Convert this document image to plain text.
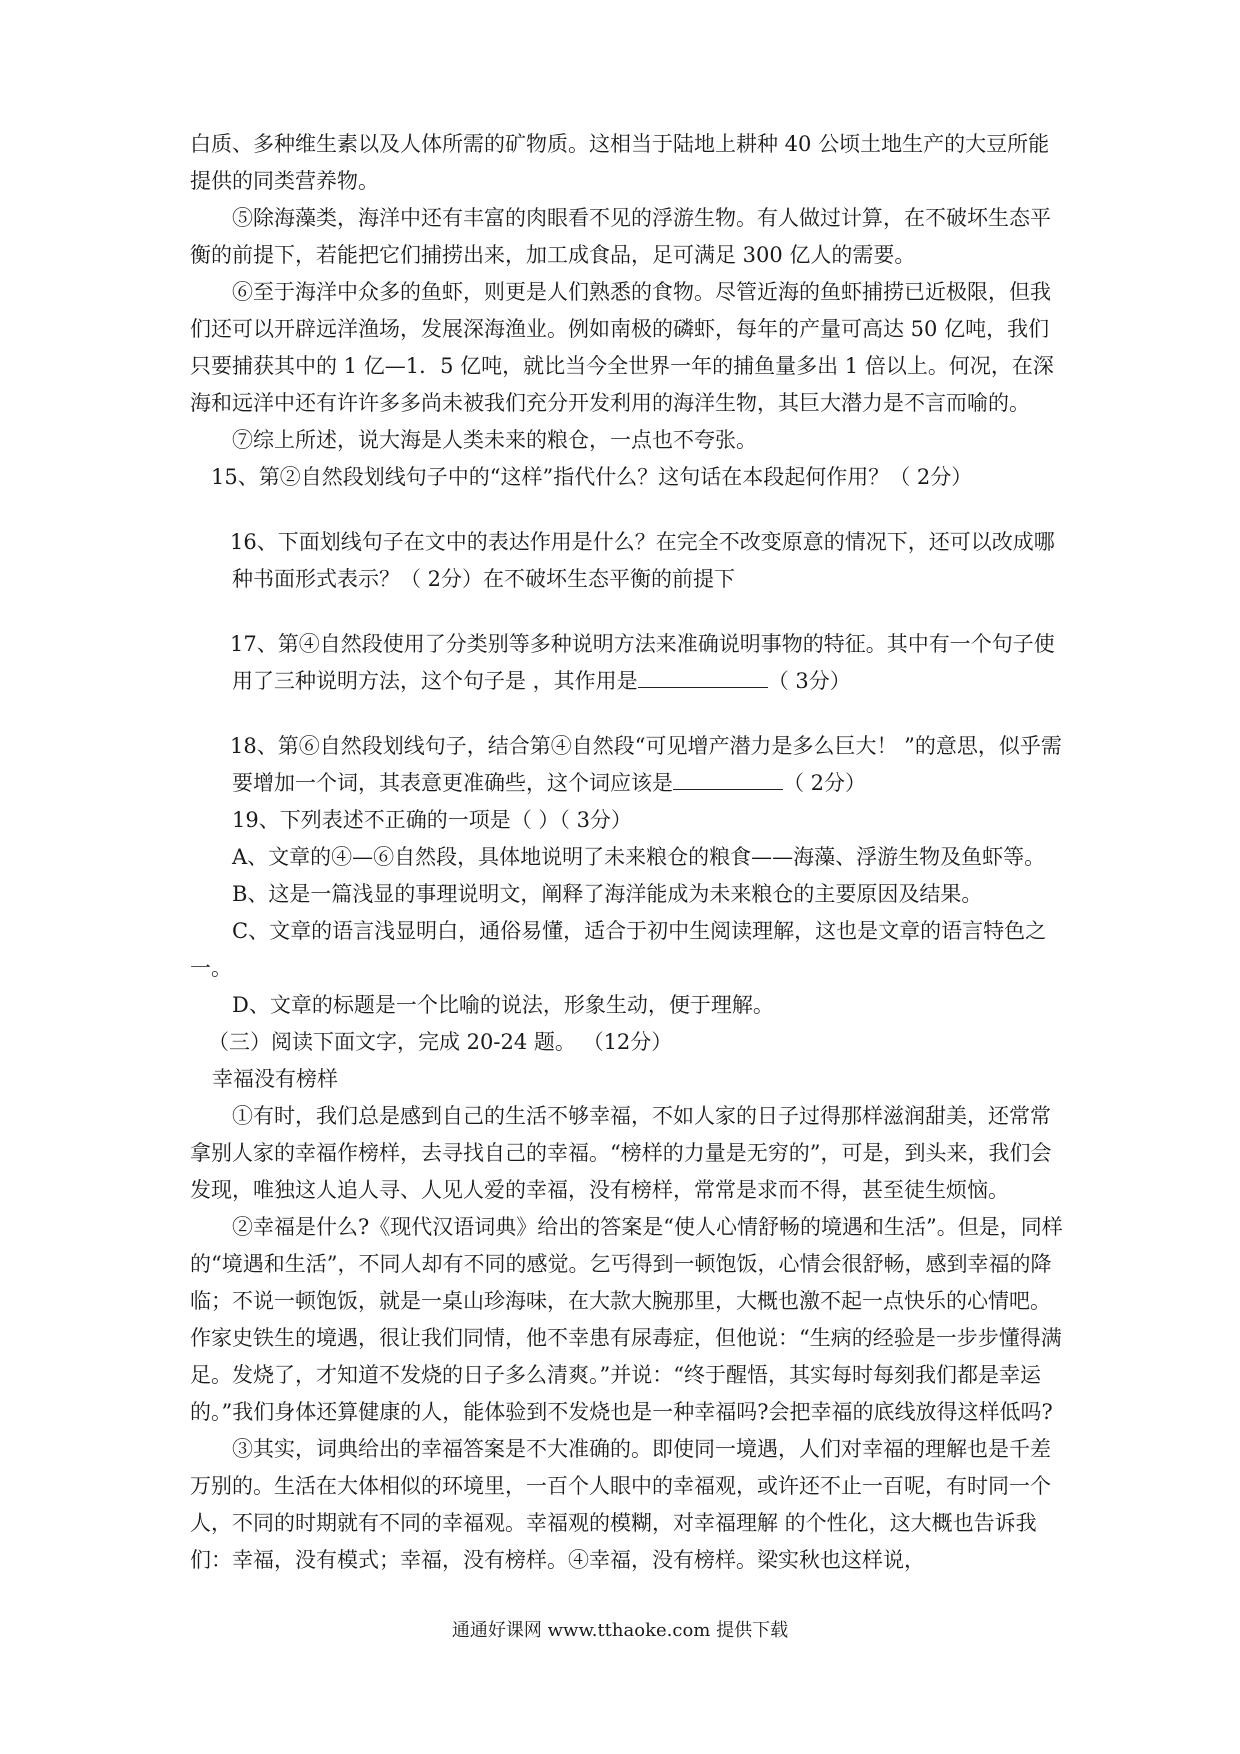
白质、多种维生素以及人体所需的矿物质。这相当于陆地上耕种 40 公顷土地生产的大豆所能提供的同类营养物。

⑤除海藻类，海洋中还有丰富的肉眼看不见的浮游生物。有人做过计算，在不破坏生态平衡的前提下，若能把它们捕捞出来，加工成食品，足可满足 300 亿人的需要。

⑥至于海洋中众多的鱼虾，则更是人们熟悉的食物。尽管近海的鱼虾捕捞已近极限，但我们还可以开辟远洋渔场，发展深海渔业。例如南极的磷虾，每年的产量可高达 50 亿吨，我们只要捕获其中的 1 亿—1．5 亿吨，就比当今全世界一年的捕鱼量多出 1 倍以上。何况，在深海和远洋中还有许许多多尚未被我们充分开发利用的海洋生物，其巨大潜力是不言而喻的。

⑦综上所述，说大海是人类未来的粮仓，一点也不夸张。

15、第②自然段划线句子中的“这样”指代什么？这句话在本段起何作用？（ 2分）

16、下面划线句子在文中的表达作用是什么？在完全不改变原意的情况下，还可以改成哪种书面形式表示？（ 2分）在不破坏生态平衡的前提下

17、第④自然段使用了分类别等多种说明方法来准确说明事物的特征。其中有一个句子使用了三种说明方法，这个句子是 ，其作用是	（ 3分）

18、第⑥自然段划线句子，结合第④自然段“可见增产潜力是多么巨大！ ”的意思，似乎需要增加一个词，其表意更准确些，这个词应该是	（ 2分）

19、下列表述不正确的一项是（ ）（ 3分）

A、文章的④—⑥自然段，具体地说明了未来粮仓的粮食——海藻、浮游生物及鱼虾等。

B、这是一篇浅显的事理说明文，阐释了海洋能成为未来粮仓的主要原因及结果。

C、文章的语言浅显明白，通俗易懂，适合于初中生阅读理解，这也是文章的语言特色之一。

D、文章的标题是一个比喻的说法，形象生动，便于理解。

（三）阅读下面文字，完成 20-24 题。 （12分）

幸福没有榜样

①有时，我们总是感到自己的生活不够幸福，不如人家的日子过得那样滋润甜美，还常常拿别人家的幸福作榜样，去寻找自己的幸福。“榜样的力量是无穷的”，可是，到头来，我们会发现，唯独这人追人寻、人见人爱的幸福，没有榜样，常常是求而不得，甚至徒生烦恼。

②幸福是什么?《现代汉语词典》给出的答案是“使人心情舒畅的境遇和生活”。但是，同样的“境遇和生活”，不同人却有不同的感觉。乞丐得到一顿饱饭，心情会很舒畅，感到幸福的降临；不说一顿饱饭，就是一桌山珍海味，在大款大腕那里，大概也激不起一点快乐的心情吧。作家史铁生的境遇，很让我们同情，他不幸患有尿毒症，但他说：“生病的经验是一步步懂得满足。发烧了，才知道不发烧的日子多么清爽。”并说：“终于醒悟，其实每时每刻我们都是幸运的。”我们身体还算健康的人，能体验到不发烧也是一种幸福吗?会把幸福的底线放得这样低吗?

③其实，词典给出的幸福答案是不大准确的。即使同一境遇，人们对幸福的理解也是千差万别的。生活在大体相似的环境里，一百个人眼中的幸福观，或许还不止一百呢，有时同一个人，不同的时期就有不同的幸福观。幸福观的模糊，对幸福理解 的个性化，这大概也告诉我们：幸福，没有模式；幸福，没有榜样。④幸福，没有榜样。梁实秋也这样说，

通通好课网 www.tthaoke.com 提供下载
